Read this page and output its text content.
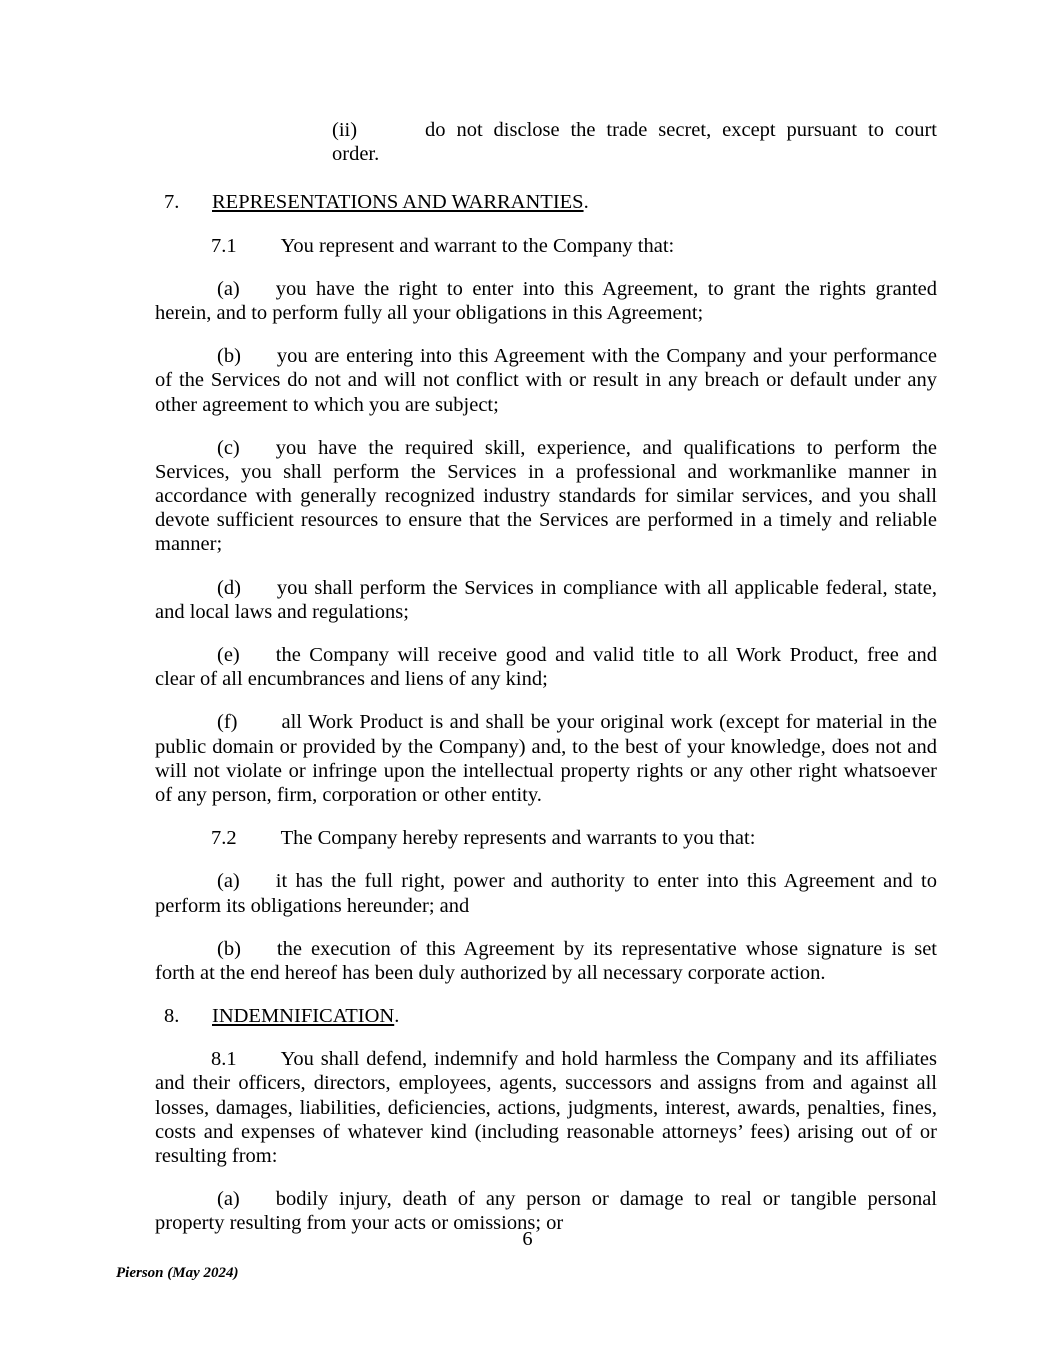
(ii)	do not disclose the trade secret, except pursuant to court order.

7. REPRESENTATIONS AND WARRANTIES.

7.1 You represent and warrant to the Company that:

(a) you have the right to enter into this Agreement, to grant the rights granted herein, and to perform fully all your obligations in this Agreement;

(b) you are entering into this Agreement with the Company and your performance of the Services do not and will not conflict with or result in any breach or default under any other agreement to which you are subject;

(c) you have the required skill, experience, and qualifications to perform the Services, you shall perform the Services in a professional and workmanlike manner in accordance with generally recognized industry standards for similar services, and you shall devote sufficient resources to ensure that the Services are performed in a timely and reliable manner;

(d) you shall perform the Services in compliance with all applicable federal, state, and local laws and regulations;

(e) the Company will receive good and valid title to all Work Product, free and clear of all encumbrances and liens of any kind;

(f) all Work Product is and shall be your original work (except for material in the public domain or provided by the Company) and, to the best of your knowledge, does not and will not violate or infringe upon the intellectual property rights or any other right whatsoever of any person, firm, corporation or other entity.

7.2 The Company hereby represents and warrants to you that:

(a) it has the full right, power and authority to enter into this Agreement and to perform its obligations hereunder; and

(b) the execution of this Agreement by its representative whose signature is set forth at the end hereof has been duly authorized by all necessary corporate action.

8. INDEMNIFICATION.

8.1 You shall defend, indemnify and hold harmless the Company and its affiliates and their officers, directors, employees, agents, successors and assigns from and against all losses, damages, liabilities, deficiencies, actions, judgments, interest, awards, penalties, fines, costs and expenses of whatever kind (including reasonable attorneys’ fees) arising out of or resulting from:

(a) bodily injury, death of any person or damage to real or tangible personal property resulting from your acts or omissions; or

6
Pierson (May 2024)
